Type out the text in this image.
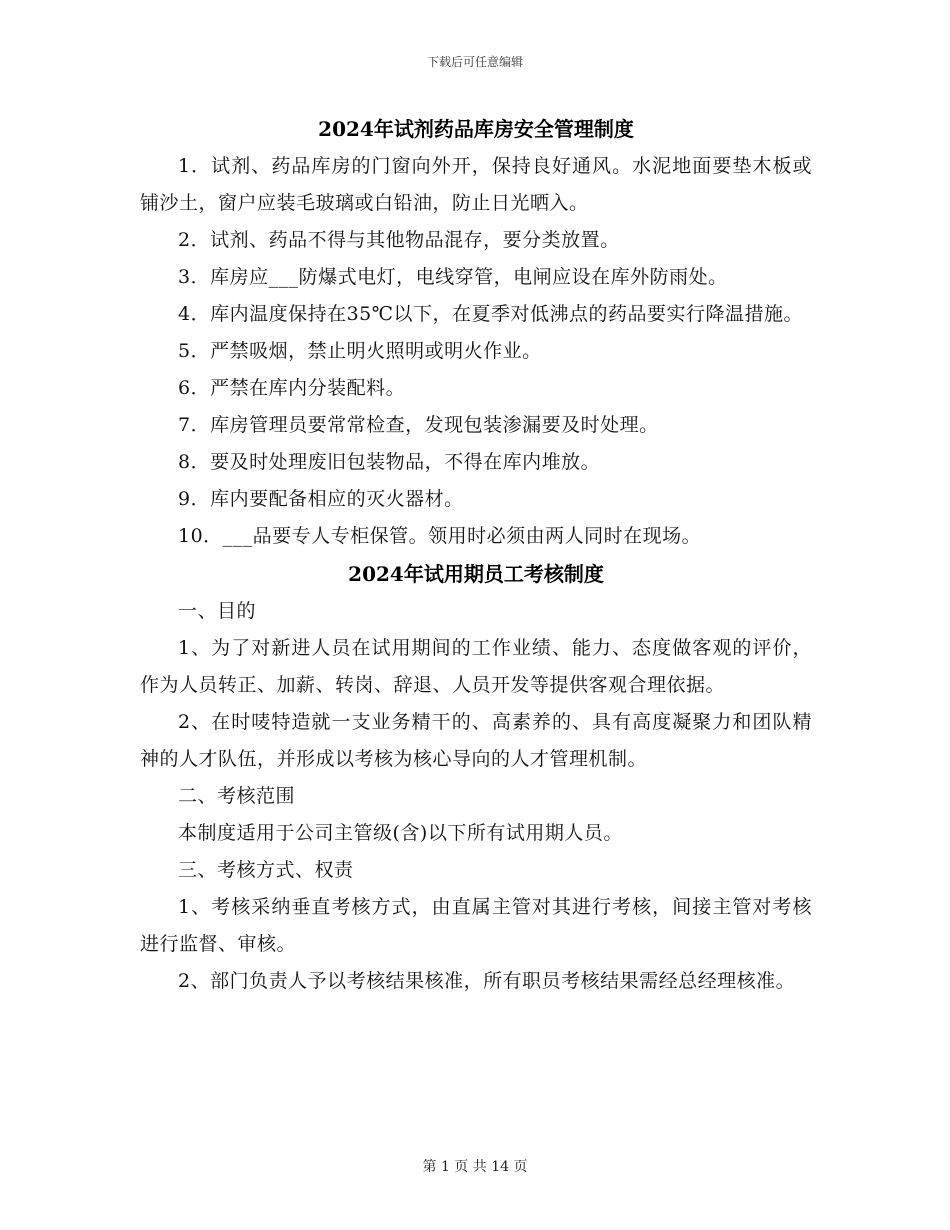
下载后可任意编辑
2024年试剂药品库房安全管理制度

1．试剂、药品库房的门窗向外开，保持良好通风。水泥地面要垫木板或铺沙土，窗户应装毛玻璃或白铅油，防止日光晒入。

2．试剂、药品不得与其他物品混存，要分类放置。

3．库房应___防爆式电灯，电线穿管，电闸应设在库外防雨处。

4．库内温度保持在35℃以下，在夏季对低沸点的药品要实行降温措施。

5．严禁吸烟，禁止明火照明或明火作业。

6．严禁在库内分装配料。

7．库房管理员要常常检查，发现包装渗漏要及时处理。

8．要及时处理废旧包装物品，不得在库内堆放。

9．库内要配备相应的灭火器材。

10．___品要专人专柜保管。领用时必须由两人同时在现场。

2024年试用期员工考核制度

一、目的

1、为了对新进人员在试用期间的工作业绩、能力、态度做客观的评价，作为人员转正、加薪、转岗、辞退、人员开发等提供客观合理依据。

2、在时唛特造就一支业务精干的、高素养的、具有高度凝聚力和团队精神的人才队伍，并形成以考核为核心导向的人才管理机制。

二、考核范围

本制度适用于公司主管级(含)以下所有试用期人员。

三、考核方式、权责

1、考核采纳垂直考核方式，由直属主管对其进行考核，间接主管对考核进行监督、审核。

2、部门负责人予以考核结果核准，所有职员考核结果需经总经理核准。

第 1 页 共 14 页
